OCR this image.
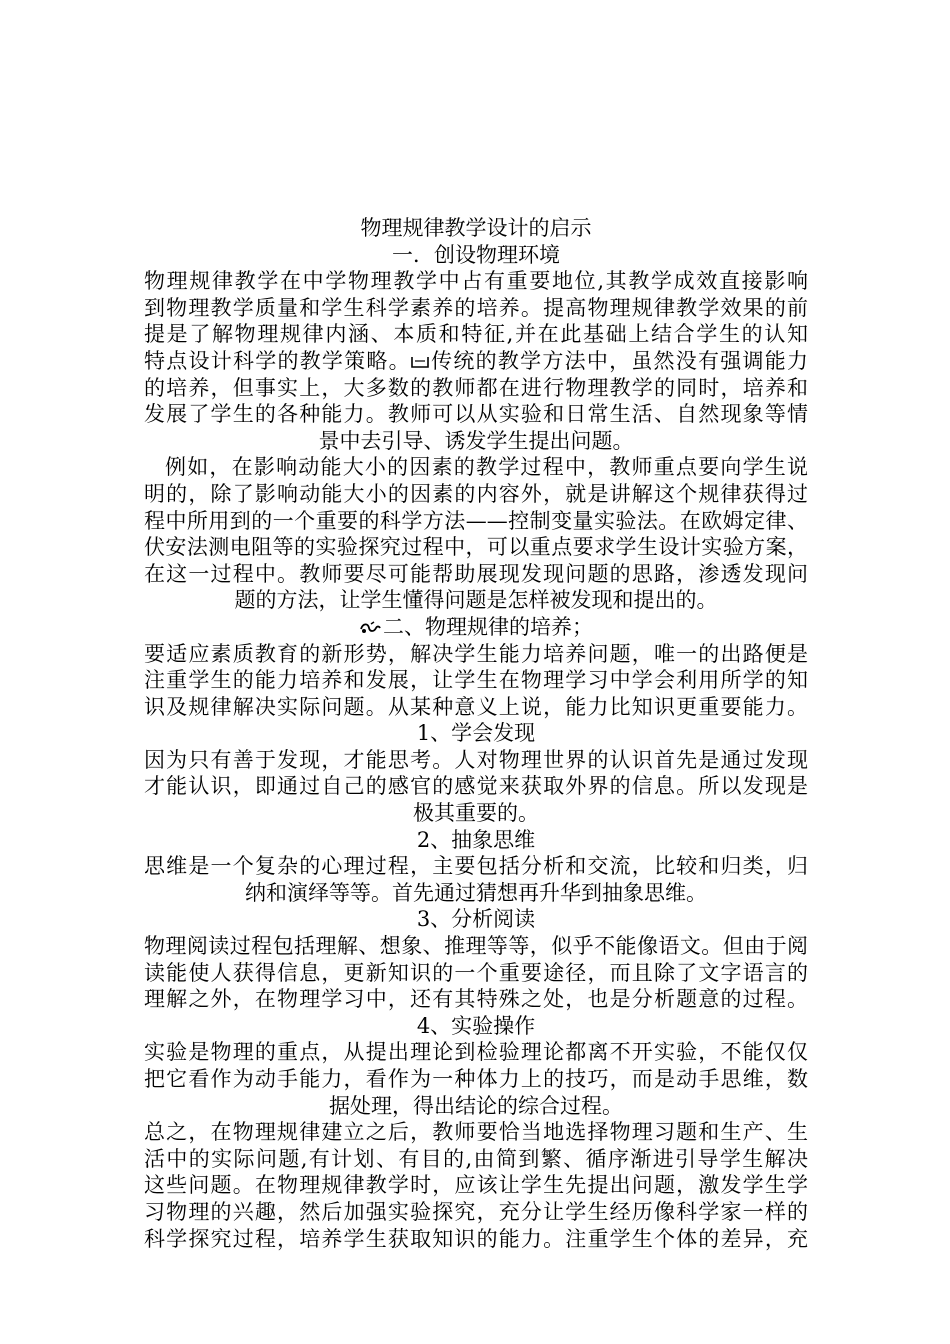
物理规律教学设计的启示
一．创设物理环境
物理规律教学在中学物理教学中占有重要地位,其教学成效直接影响
到物理教学质量和学生科学素养的培养。提高物理规律教学效果的前
提是了解物理规律内涵、本质和特征,并在此基础上结合学生的认知
特点设计科学的教学策略。 传统的教学方法中，虽然没有强调能力
的培养，但事实上，大多数的教师都在进行物理教学的同时，培养和
发展了学生的各种能力。教师可以从实验和日常生活、自然现象等情
景中去引导、诱发学生提出问题。
例如，在影响动能大小的因素的教学过程中，教师重点要向学生说
明的，除了影响动能大小的因素的内容外，就是讲解这个规律获得过
程中所用到的一个重要的科学方法——控制变量实验法。在欧姆定律、
伏安法测电阻等的实验探究过程中，可以重点要求学生设计实验方案，
在这一过程中。教师要尽可能帮助展现发现问题的思路，渗透发现问
题的方法，让学生懂得问题是怎样被发现和提出的。
二、物理规律的培养；
要适应素质教育的新形势，解决学生能力培养问题，唯一的出路便是
注重学生的能力培养和发展，让学生在物理学习中学会利用所学的知
识及规律解决实际问题。从某种意义上说，能力比知识更重要能力。
1、学会发现
因为只有善于发现，才能思考。人对物理世界的认识首先是通过发现
才能认识，即通过自己的感官的感觉来获取外界的信息。所以发现是
极其重要的。
2、抽象思维
思维是一个复杂的心理过程，主要包括分析和交流，比较和归类，归
纳和演绎等等。首先通过猜想再升华到抽象思维。
3、分析阅读
物理阅读过程包括理解、想象、推理等等，似乎不能像语文。但由于阅
读能使人获得信息，更新知识的一个重要途径，而且除了文字语言的
理解之外，在物理学习中，还有其特殊之处，也是分析题意的过程。
4、实验操作
实验是物理的重点，从提出理论到检验理论都离不开实验，不能仅仅
把它看作为动手能力，看作为一种体力上的技巧，而是动手思维，数
据处理，得出结论的综合过程。
总之，在物理规律建立之后，教师要恰当地选择物理习题和生产、生
活中的实际问题,有计划、有目的,由简到繁、循序渐进引导学生解决
这些问题。在物理规律教学时，应该让学生先提出问题，激发学生学
习物理的兴趣，然后加强实验探究，充分让学生经历像科学家一样的
科学探究过程，培养学生获取知识的能力。注重学生个体的差异，充
